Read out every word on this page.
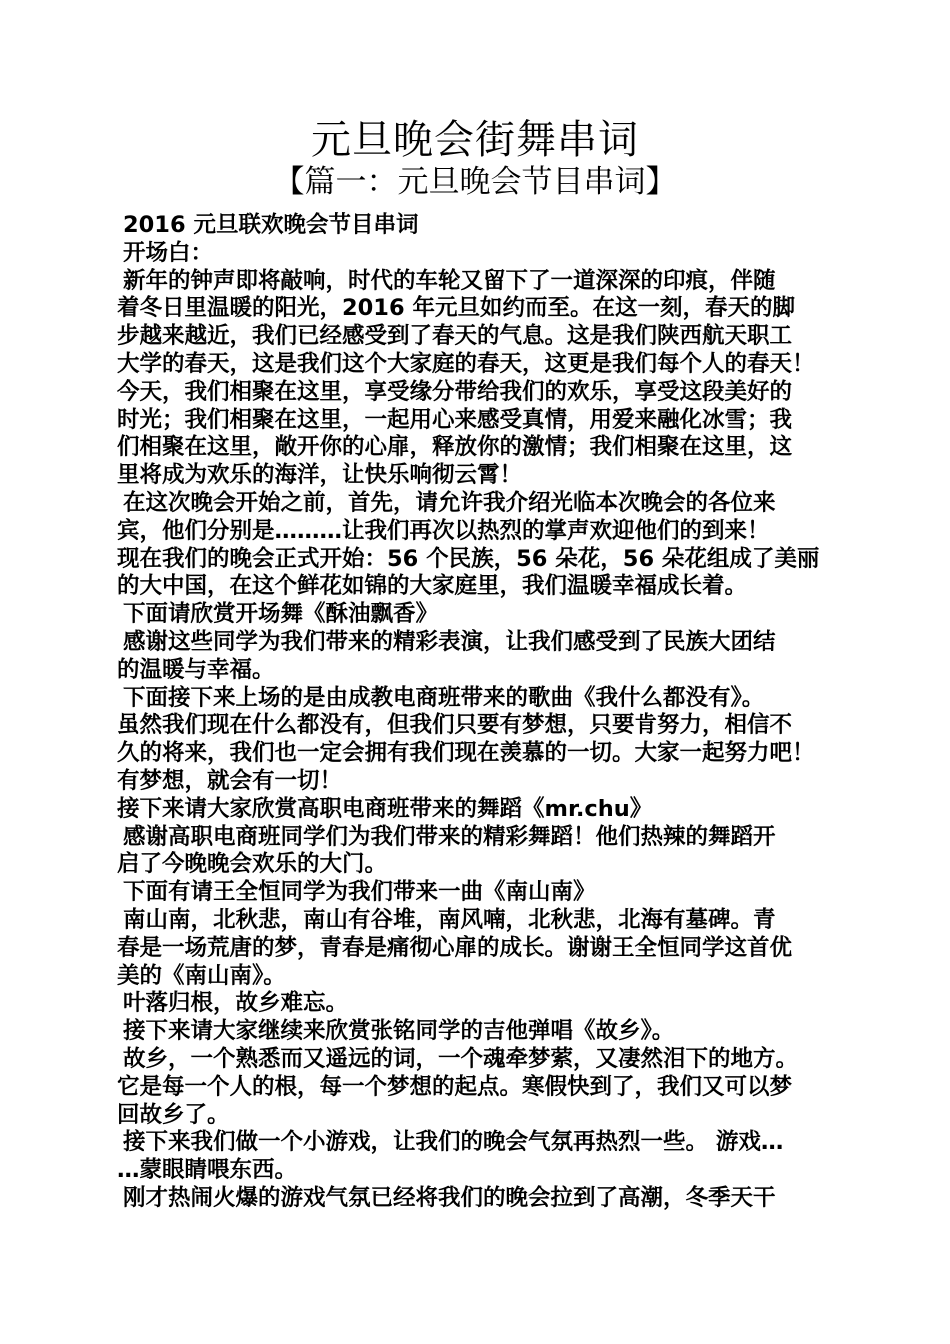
元旦晚会街舞串词
【篇一：元旦晚会节目串词】
2016 元旦联欢晚会节目串词
开场白：
新年的钟声即将敲响，时代的车轮又留下了一道深深的印痕，伴随
着冬日里温暖的阳光，2016 年元旦如约而至。在这一刻，春天的脚
步越来越近，我们已经感受到了春天的气息。这是我们陕西航天职工
大学的春天，这是我们这个大家庭的春天，这更是我们每个人的春天！
今天，我们相聚在这里，享受缘分带给我们的欢乐，享受这段美好的
时光；我们相聚在这里，一起用心来感受真情，用爱来融化冰雪；我
们相聚在这里，敞开你的心扉，释放你的激情；我们相聚在这里，这
里将成为欢乐的海洋，让快乐响彻云霄！
在这次晚会开始之前，首先，请允许我介绍光临本次晚会的各位来
宾，他们分别是………让我们再次以热烈的掌声欢迎他们的到来！
现在我们的晚会正式开始：56 个民族，56 朵花，56 朵花组成了美丽
的大中国，在这个鲜花如锦的大家庭里，我们温暖幸福成长着。
下面请欣赏开场舞《酥油飘香》
感谢这些同学为我们带来的精彩表演，让我们感受到了民族大团结
的温暖与幸福。
下面接下来上场的是由成教电商班带来的歌曲《我什么都没有》。
虽然我们现在什么都没有，但我们只要有梦想，只要肯努力，相信不
久的将来，我们也一定会拥有我们现在羡慕的一切。大家一起努力吧！
有梦想，就会有一切！
接下来请大家欣赏高职电商班带来的舞蹈《mr.chu》
感谢高职电商班同学们为我们带来的精彩舞蹈！他们热辣的舞蹈开
启了今晚晚会欢乐的大门。
下面有请王全恒同学为我们带来一曲《南山南》
南山南，北秋悲，南山有谷堆，南风喃，北秋悲，北海有墓碑。青
春是一场荒唐的梦，青春是痛彻心扉的成长。谢谢王全恒同学这首优
美的《南山南》。
叶落归根，故乡难忘。
接下来请大家继续来欣赏张铭同学的吉他弹唱《故乡》。
故乡，一个熟悉而又遥远的词，一个魂牵梦萦，又凄然泪下的地方。
它是每一个人的根，每一个梦想的起点。寒假快到了，我们又可以梦
回故乡了。
接下来我们做一个小游戏，让我们的晚会气氛再热烈一些。 游戏…
…蒙眼睛喂东西。
刚才热闹火爆的游戏气氛已经将我们的晚会拉到了高潮，冬季天干
